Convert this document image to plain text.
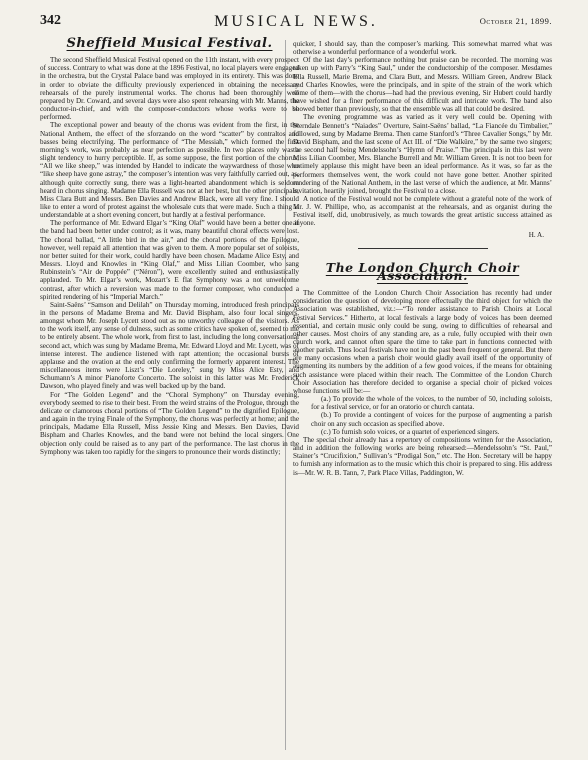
342	MUSICAL NEWS.	October 21, 1899.
Sheffield Musical Festival.

The second Sheffield Musical Festival opened on the 11th instant, with every prospect of success. Contrary to what was done at the 1896 Festival, no local players were engaged in the orchestra, but the Crystal Palace band was employed in its entirety. This was done in order to obviate the difficulty previously experienced in obtaining the necessary rehearsals of the purely instrumental works. The chorus had been thoroughly well prepared by Dr. Coward, and several days were also spent rehearsing with Mr. Manns, the conductor-in-chief, and with the composer-conductors whose works were to be performed.

The exceptional power and beauty of the chorus was evident from the first, in the National Anthem, the effect of the sforzando on the word “scatter” by contraltos and basses being electrifying. The performance of “The Messiah,” which formed the first morning’s work, was probably as near perfection as possible. In two places only was a slight tendency to hurry perceptible. If, as some suppose, the first portion of the chorus, “All we like sheep,” was intended by Handel to indicate the waywardness of those who “like sheep have gone astray,” the composer’s intention was very faithfully carried out, as, although quite correctly sung, there was a light-hearted abandonment which is seldom heard in chorus singing. Madame Ella Russell was not at her best, but the other principals, Miss Clara Butt and Messrs. Ben Davies and Andrew Black, were all very fine. I should like to enter a word of protest against the wholesale cuts that were made. Such a thing is understandable at a short evening concert, but hardly at a festival performance.

The performance of Mr. Edward Elgar’s “King Olaf” would have been a better one if the band had been better under control; as it was, many beautiful choral effects were lost. The choral ballad, “A little bird in the air,” and the choral portions of the Epilogue, however, well repaid all attention that was given to them. A more popular set of soloists, nor better suited for their work, could hardly have been chosen. Madame Alice Esty, and Messrs. Lloyd and Knowles in “King Olaf,” and Miss Lilian Coomber, who sang Rubinstein’s “Air de Poppée” (“Néron”), were excellently suited and enthusiastically applauded. To Mr. Elgar’s work, Mozart’s E flat Symphony was a not unwelcome contrast, after which a reversion was made to the former composer, who conducted a spirited rendering of his “Imperial March.”

Saint-Saëns’ “Samson and Delilah” on Thursday morning, introduced fresh principals in the persons of Madame Brema and Mr. David Bispham, also four local singers, amongst whom Mr. Joseph Lycett stood out as no unworthy colleague of the visitors. As to the work itself, any sense of dulness, such as some critics have spoken of, seemed to me to be entirely absent. The whole work, from first to last, including the long conversational second act, which was sung by Madame Brema, Mr. Edward Lloyd and Mr. Lycett, was of intense interest. The audience listened with rapt attention; the occasional bursts of applause and the ovation at the end only confirming the formerly apparent interest. The miscellaneous items were Liszt’s “Die Loreley,” sung by Miss Alice Esty, and Schumann’s A minor Pianoforte Concerto. The soloist in this latter was Mr. Frederick Dawson, who played finely and was well backed up by the band.

For “The Golden Legend” and the “Choral Symphony” on Thursday evening, everybody seemed to rise to their best. From the weird strains of the Prologue, through the delicate or clamorous choral portions of “The Golden Legend” to the dignified Epilogue, and again in the trying Finale of the Symphony, the chorus was perfectly at home; and the principals, Madame Ella Russell, Miss Jessie King and Messrs. Ben Davies, David Bispham and Charles Knowles, and the band were not behind the local singers. One objection only could be raised as to any part of the performance. The last chorus in the Symphony was taken too rapidly for the singers to pronounce their words distinctly;

quicker, I should say, than the composer’s marking. This somewhat marred what was otherwise a wonderful performance of a wonderful work.

Of the last day’s performance nothing but praise can be recorded. The morning was taken up with Parry’s “King Saul,” under the conductorship of the composer. Mesdames Ella Russell, Marie Brema, and Clara Butt, and Messrs. William Green, Andrew Black and Charles Knowles, were the principals, and in spite of the strain of the work which some of them—with the chorus—had had the previous evening, Sir Hubert could hardly have wished for a finer performance of this difficult and intricate work. The band also showed better than previously, so that the ensemble was all that could be desired.

The evening programme was as varied as it very well could be. Opening with Sterndale Bennett’s “Naiades” Overture, Saint-Saëns’ ballad, “La Fiancée du Timbalier,” followed, sung by Madame Brema. Then came Stanford’s “Three Cavalier Songs,” by Mr. David Bispham, and the last scene of Act III. of “Die Walküre,” by the same two singers; the second half being Mendelssohn’s “Hymn of Praise.” The principals in this last were Miss Lilian Coomber, Mrs. Blanche Burrell and Mr. William Green. It is not too been for untimely applause this might have been an ideal performance. As it was, so far as the performers themselves went, the work could not have gone better. Another spirited rendering of the National Anthem, in the last verse of which the audience, at Mr. Manns’ invitation, heartily joined, brought the Festival to a close.

A notice of the Festival would not be complete without a grateful note of the work of Mr. J. W. Phillipe, who, as accompanist at the rehearsals, and as organist during the Festival itself, did, unobtrusively, as much towards the great artistic success attained as anyone.

H. A.
The London Church Choir Association.

The Committee of the London Church Choir Association has recently had under consideration the question of developing more effectually the third object for which the Association was established, viz.:—“To render assistance to Parish Choirs at Local Festival Services.” Hitherto, at local festivals a large body of voices has been deemed essential, and certain music only could be sung, owing to difficulties of rehearsal and other causes. Most choirs of any standing are, as a rule, fully occupied with their own church work, and cannot often spare the time to take part in functions connected with another parish. Thus local festivals have not in the past been frequent or general. But there are many occasions when a parish choir would gladly avail itself of the opportunity of augmenting its numbers by the addition of a few good voices, if the means for obtaining such assistance were placed within their reach. The Committee of the London Church Choir Association has therefore decided to organise a special choir of picked voices whose functions will be:—

(a.) To provide the whole of the voices, to the number of 50, including soloists, for a festival service, or for an oratorio or church cantata.

(b.) To provide a contingent of voices for the purpose of augmenting a parish choir on any such occasion as specified above.

(c.) To furnish solo voices, or a quartet of experienced singers.

The special choir already has a repertory of compositions written for the Association, and in addition the following works are being rehearsed:—Mendelssohn’s “St. Paul,” Stainer’s “Crucifixion,” Sullivan’s “Prodigal Son,” etc. The Hon. Secretary will be happy to furnish any information as to the music which this choir is prepared to sing. His address is—Mr. W. R. B. Tann, 7, Park Place Villas, Paddington, W.
